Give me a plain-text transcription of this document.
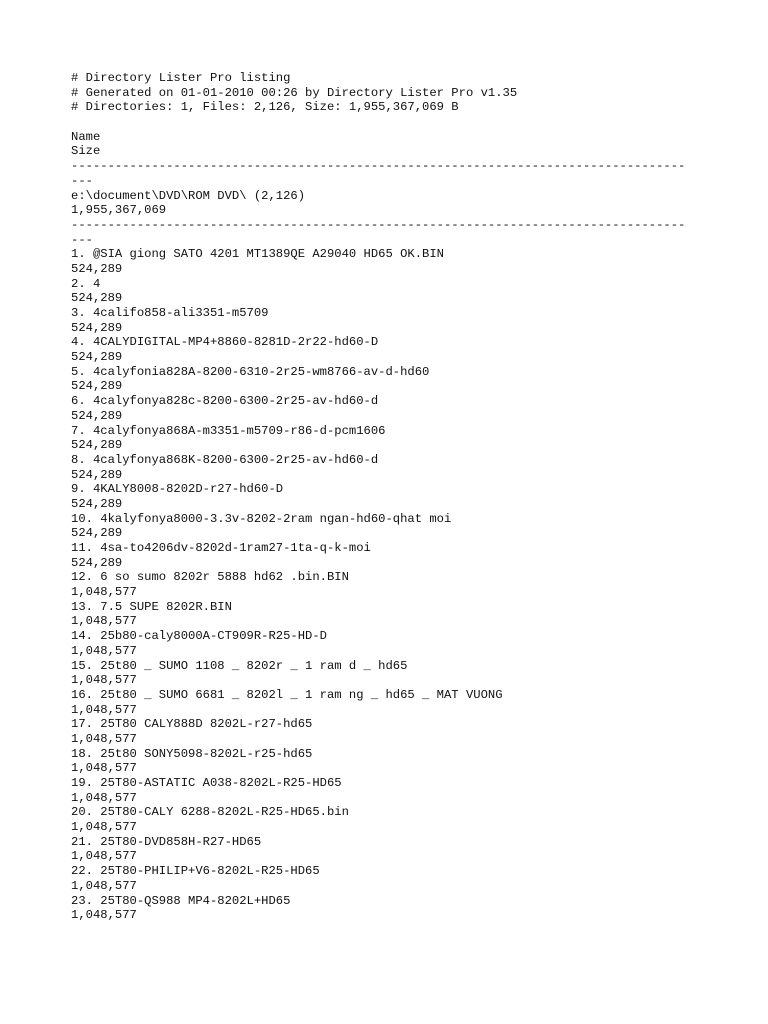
# Directory Lister Pro listing
# Generated on 01-01-2010 00:26 by Directory Lister Pro v1.35
# Directories: 1, Files: 2,126, Size: 1,955,367,069 B
Name
Size
------------------------------------------------------------------------------------
---
e:\document\DVD\ROM DVD\ (2,126)
1,955,367,069
------------------------------------------------------------------------------------
---
1. @SIA giong SATO 4201 MT1389QE A29040 HD65 OK.BIN
524,289
2. 4
524,289
3. 4califo858-ali3351-m5709
524,289
4. 4CALYDIGITAL-MP4+8860-8281D-2r22-hd60-D
524,289
5. 4calyfonia828A-8200-6310-2r25-wm8766-av-d-hd60
524,289
6. 4calyfonya828c-8200-6300-2r25-av-hd60-d
524,289
7. 4calyfonya868A-m3351-m5709-r86-d-pcm1606
524,289
8. 4calyfonya868K-8200-6300-2r25-av-hd60-d
524,289
9. 4KALY8008-8202D-r27-hd60-D
524,289
10. 4kalyfonya8000-3.3v-8202-2ram ngan-hd60-qhat moi
524,289
11. 4sa-to4206dv-8202d-1ram27-1ta-q-k-moi
524,289
12. 6 so sumo 8202r 5888 hd62 .bin.BIN
1,048,577
13. 7.5 SUPE 8202R.BIN
1,048,577
14. 25b80-caly8000A-CT909R-R25-HD-D
1,048,577
15. 25t80 _ SUMO 1108 _ 8202r _ 1 ram d _ hd65
1,048,577
16. 25t80 _ SUMO 6681 _ 8202l _ 1 ram ng _ hd65 _ MAT VUONG
1,048,577
17. 25T80 CALY888D 8202L-r27-hd65
1,048,577
18. 25t80 SONY5098-8202L-r25-hd65
1,048,577
19. 25T80-ASTATIC A038-8202L-R25-HD65
1,048,577
20. 25T80-CALY 6288-8202L-R25-HD65.bin
1,048,577
21. 25T80-DVD858H-R27-HD65
1,048,577
22. 25T80-PHILIP+V6-8202L-R25-HD65
1,048,577
23. 25T80-QS988 MP4-8202L+HD65
1,048,577
